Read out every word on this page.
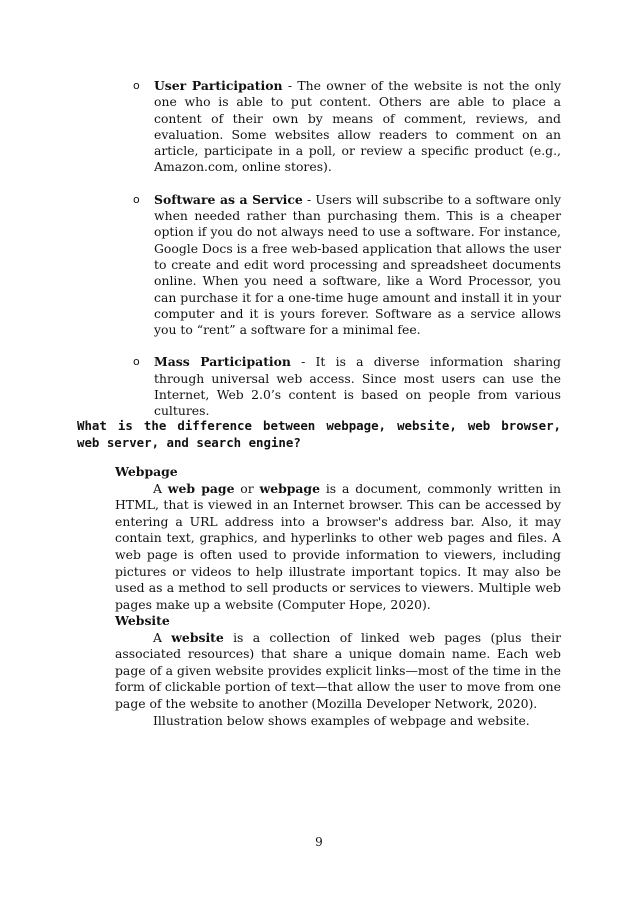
o User Participation - The owner of the website is not the only one who is able to put content. Others are able to place a content of their own by means of comment, reviews, and evaluation. Some websites allow readers to comment on an article, participate in a poll, or review a specific product (e.g., Amazon.com, online stores).
o Software as a Service - Users will subscribe to a software only when needed rather than purchasing them. This is a cheaper option if you do not always need to use a software. For instance, Google Docs is a free web-based application that allows the user to create and edit word processing and spreadsheet documents online. When you need a software, like a Word Processor, you can purchase it for a one-time huge amount and install it in your computer and it is yours forever. Software as a service allows you to “rent” a software for a minimal fee.
o Mass Participation - It is a diverse information sharing through universal web access. Since most users can use the Internet, Web 2.0’s content is based on people from various cultures.
What is the difference between webpage, website, web browser, web server, and search engine?
Webpage

A web page or webpage is a document, commonly written in HTML, that is viewed in an Internet browser. This can be accessed by entering a URL address into a browser's address bar. Also, it may contain text, graphics, and hyperlinks to other web pages and files. A web page is often used to provide information to viewers, including pictures or videos to help illustrate important topics. It may also be used as a method to sell products or services to viewers. Multiple web pages make up a website (Computer Hope, 2020).

Website

A website is a collection of linked web pages (plus their associated resources) that share a unique domain name. Each web page of a given website provides explicit links—most of the time in the form of clickable portion of text—that allow the user to move from one page of the website to another (Mozilla Developer Network, 2020).

Illustration below shows examples of webpage and website.
9
